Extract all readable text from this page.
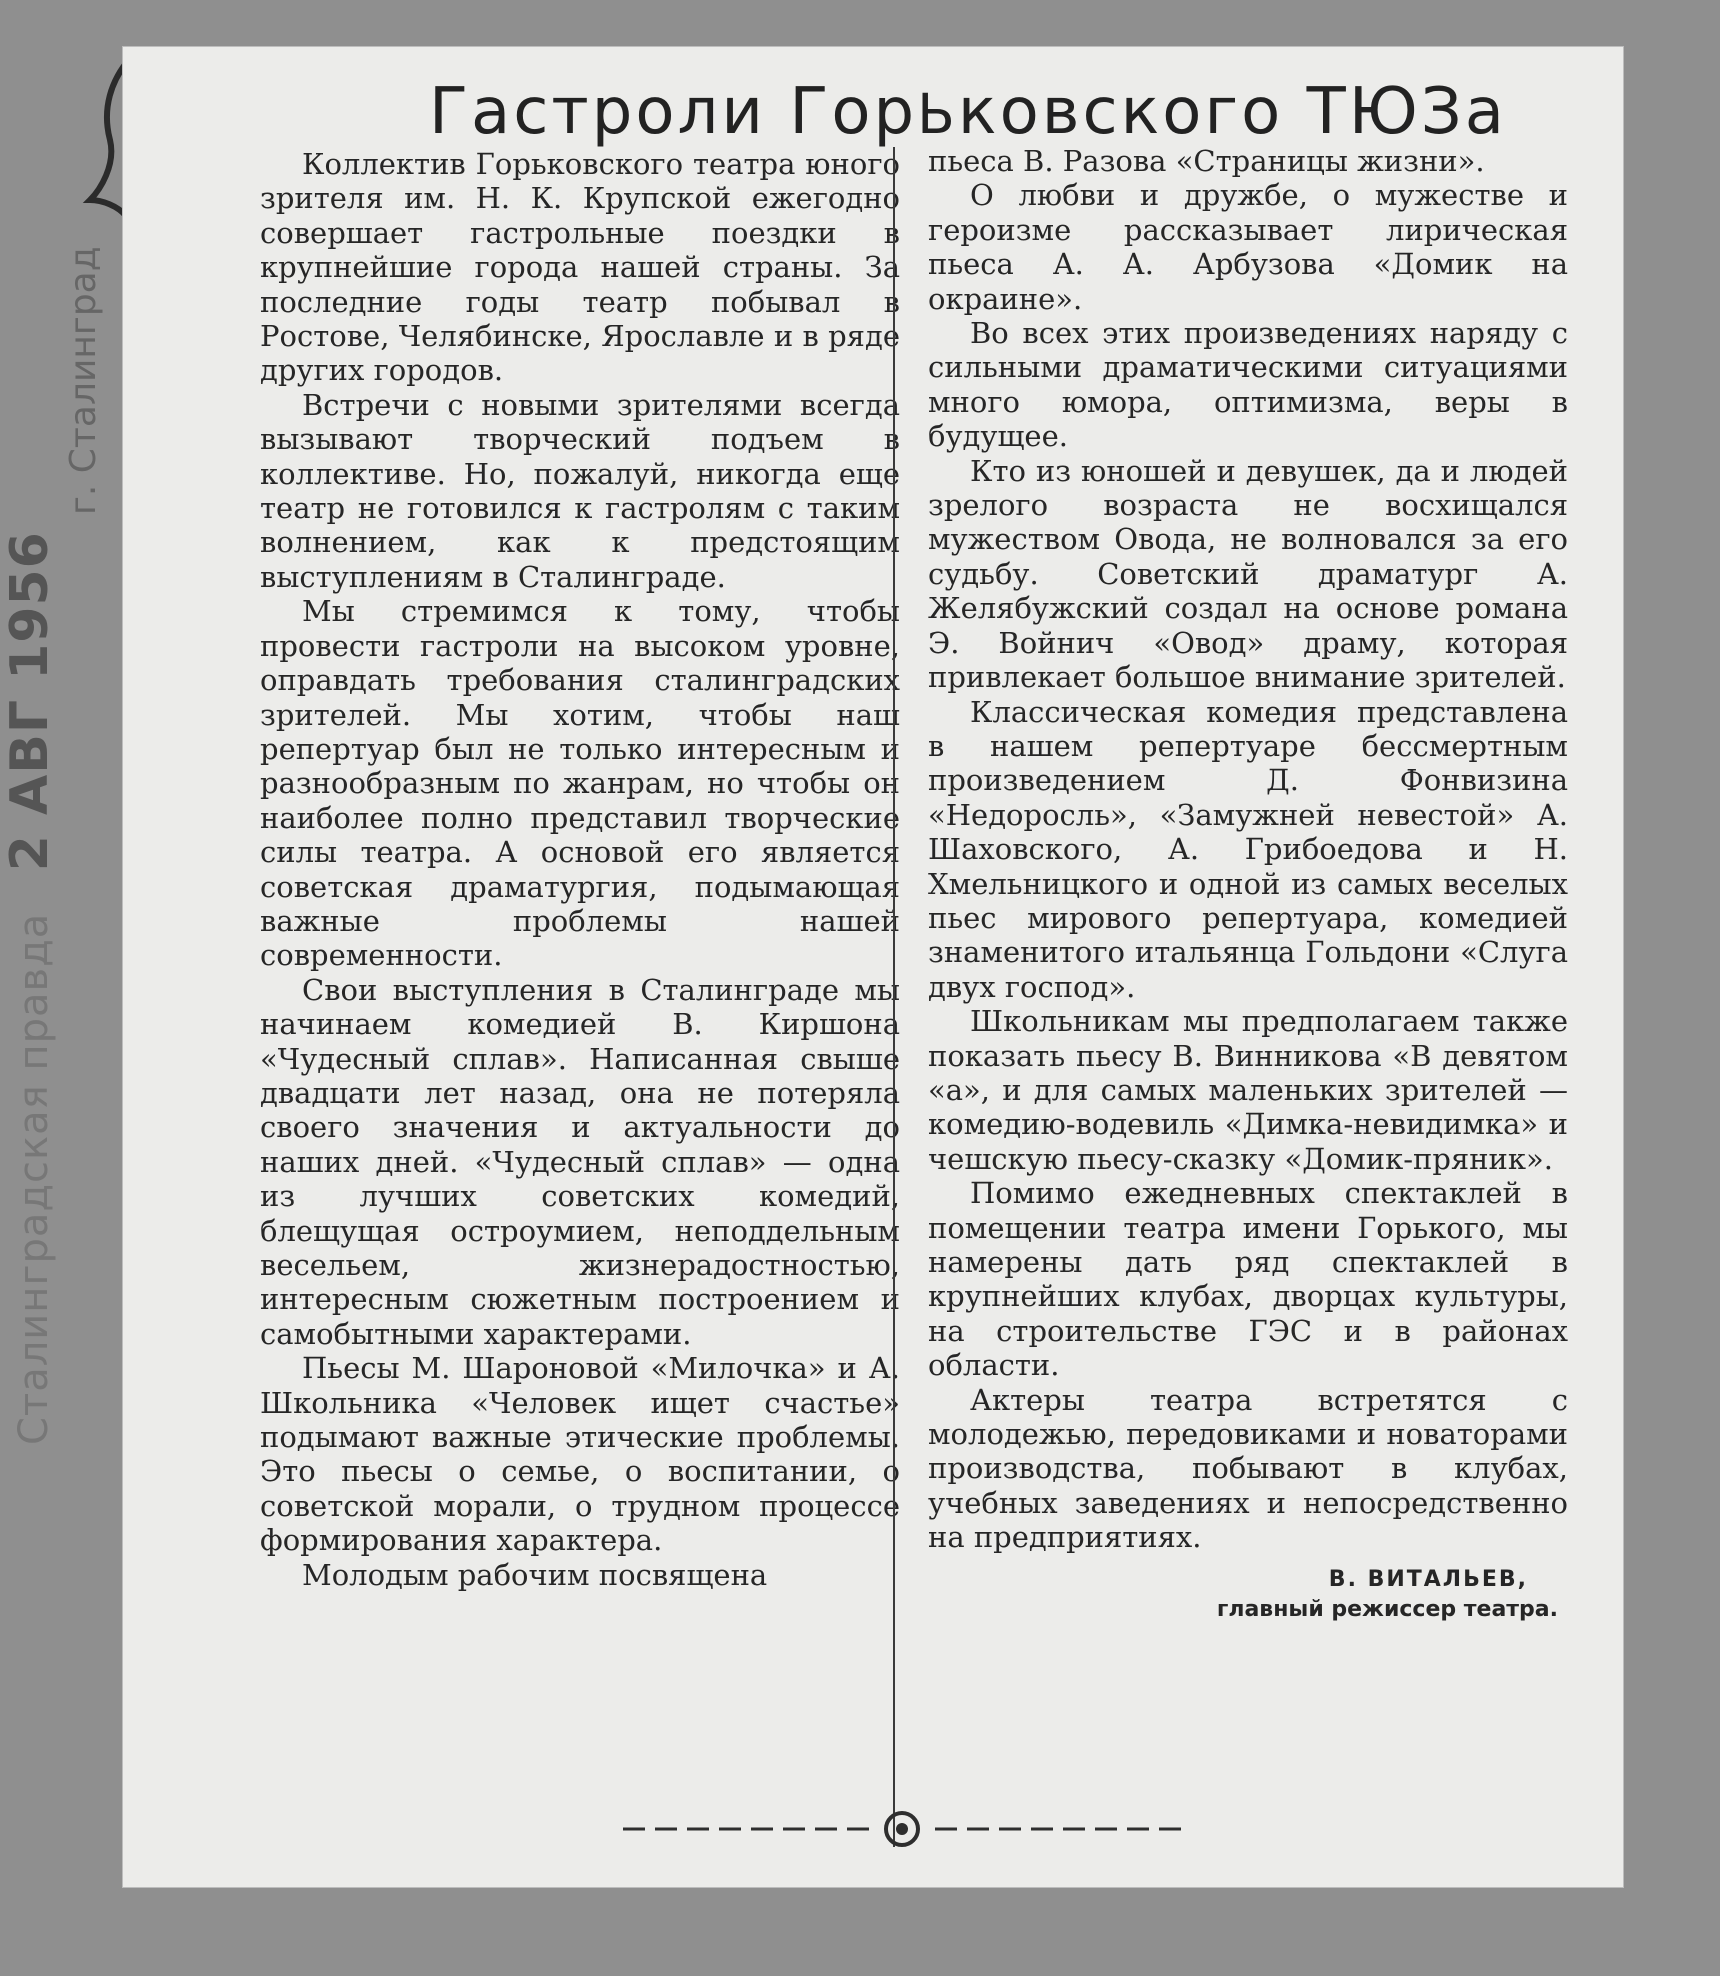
Сталинградская правда 2 АВГ 1956
г. Сталинград
Гастроли ГорЬковского ТЮЗа

Коллектив Горьковского театра юного зрителя им. Н. К. Крупской ежегодно совершает гастрольные поездки в крупнейшие города нашей страны. За последние годы театр побывал в Ростове, Челябинске, Ярославле и в ряде других городов.

Встречи с новыми зрителями всегда вызывают творческий подъем в коллективе. Но, пожалуй, никогда еще театр не готовился к гастролям с таким волнением, как к предстоящим выступлениям в Сталинграде.

Мы стремимся к тому, чтобы провести гастроли на высоком уровне, оправдать требования сталинградских зрителей. Мы хотим, чтобы наш репертуар был не только интересным и разнообразным по жанрам, но чтобы он наиболее полно представил творческие силы театра. А основой его является советская драматургия, подымающая важные проблемы нашей современности.

Свои выступления в Сталинграде мы начинаем комедией В. Киршона «Чудесный сплав». Написанная свыше двадцати лет назад, она не потеряла своего значения и актуальности до наших дней. «Чудесный сплав» — одна из лучших советских комедий, блещущая остроумием, неподдельным весельем, жизнерадостностью, интересным сюжетным построением и самобытными характерами.

Пьесы М. Шароновой «Милочка» и А. Школьника «Человек ищет счастье» подымают важные этические проблемы. Это пьесы о семье, о воспитании, о советской морали, о трудном процессе формирования характера.

Молодым рабочим посвящена

пьеса В. Разова «Страницы жизни».

О любви и дружбе, о мужестве и героизме рассказывает лирическая пьеса А. А. Арбузова «Домик на окраине».

Во всех этих произведениях наряду с сильными драматическими ситуациями много юмора, оптимизма, веры в будущее.

Кто из юношей и девушек, да и людей зрелого возраста не восхищался мужеством Овода, не волновался за его судьбу. Советский драматург А. Желябужский создал на основе романа Э. Войнич «Овод» драму, которая привлекает большое внимание зрителей.

Классическая комедия представлена в нашем репертуаре бессмертным произведением Д. Фонвизина «Недоросль», «Замужней невестой» А. Шаховского, А. Грибоедова и Н. Хмельницкого и одной из самых веселых пьес мирового репертуара, комедией знаменитого итальянца Гольдони «Слуга двух господ».

Школьникам мы предполагаем также показать пьесу В. Винникова «В девятом «а», и для самых маленьких зрителей — комедию-водевиль «Димка-невидимка» и чешскую пьесу-сказку «Домик-пряник».

Помимо ежедневных спектаклей в помещении театра имени Горького, мы намерены дать ряд спектаклей в крупнейших клубах, дворцах культуры, на строительстве ГЭС и в районах области.

Актеры театра встретятся с молодежью, передовиками и новаторами производства, побывают в клубах, учебных заведениях и непосредственно на предприятиях.

В. ВИТАЛЬЕВ,
главный режиссер театра.
